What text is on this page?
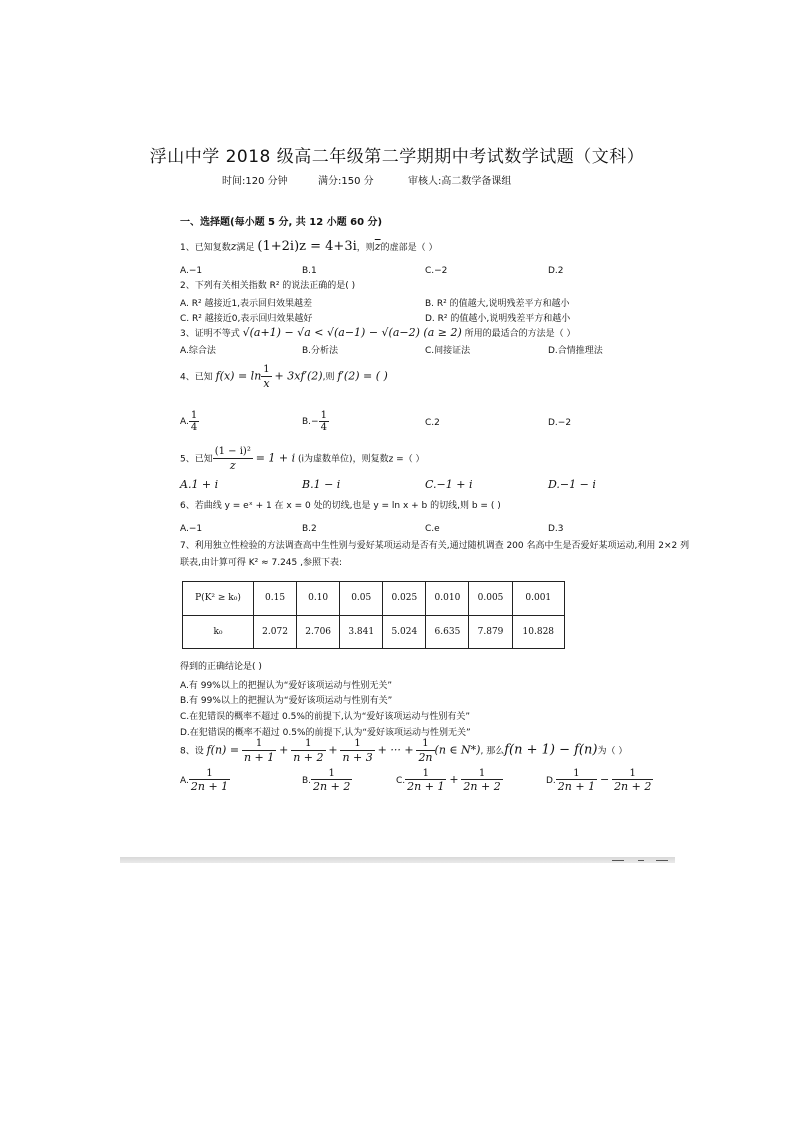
浮山中学 2018 级高二年级第二学期期中考试数学试题（文科）
时间:120 分钟	满分:150 分	审核人:高二数学备课组
一、选择题(每小题 5 分, 共 12 小题 60 分)
1、已知复数z满足 (1+2i)z = 4+3i，则$\overline{z}$的虚部是（ ）
A.−1	B.1	C.−2	D.2
2、下列有关相关指数 R² 的说法正确的是( )
A. R² 越接近1,表示回归效果越差	B. R² 的值越大,说明残差平方和越小
C. R² 越接近0,表示回归效果越好	D. R² 的值越小,说明残差平方和越小
3、证明不等式 √(a+1) − √a < √(a−1) − √(a−2) (a ≥ 2) 所用的最适合的方法是（ ）
A.综合法	B.分析法	C.间接证法	D.合情推理法
4、已知 $f(x) = \ln \frac{1}{x} + 3xf'(2)$,则 f′(2) = ( )
A. $\frac{1}{4}$	$B.- \frac{1}{4}$	C.2	D.−2
5、已知 $\frac{\text{(1 − i)²}}{z} = 1 + i$ (i为虚数单位)，则复数z =（ ）
A.1 + i	B.1 − i	C.−1 + i	D.−1 − i
6、若曲线 y = eˣ + 1 在 x = 0 处的切线,也是 y = ln x + b 的切线,则 b = ( )
A.−1	B.2	C.e	D.3
7、利用独立性检验的方法调查高中生性别与爱好某项运动是否有关,通过随机调查 200 名高中生是否爱好某项运动,利用 2×2 列
联表,由计算可得 K² ≈ 7.245 ,参照下表:
P(K² ≥ k₀)	0.15	0.10	0.05	0.025	0.010	0.005	0.001
k₀	2.072	2.706	3.841	5.024	6.635	7.879	10.828
得到的正确结论是( )
A.有 99%以上的把握认为“爱好该项运动与性别无关”
B.有 99%以上的把握认为“爱好该项运动与性别有关”
C.在犯错误的概率不超过 0.5%的前提下,认为“爱好该项运动与性别有关”
D.在犯错误的概率不超过 0.5%的前提下,认为“爱好该项运动与性别无关”
8、设 $f(n) = \frac{1}{n + 1} + \frac{1}{n + 2} + \frac{1}{n + 3}$ + ··· + $\frac{1}{2n} (n$ ∈ N*), 那么f(n + 1) − f(n)为（ ）
A. $\frac{1}{2n + 1}$	B. $\frac{1}{2n + 2}$	C. $\frac{1}{2n + 1} + \frac{1}{2n + 2}$	D. $\frac{1}{2n + 1} - \frac{1}{2n + 2}$
